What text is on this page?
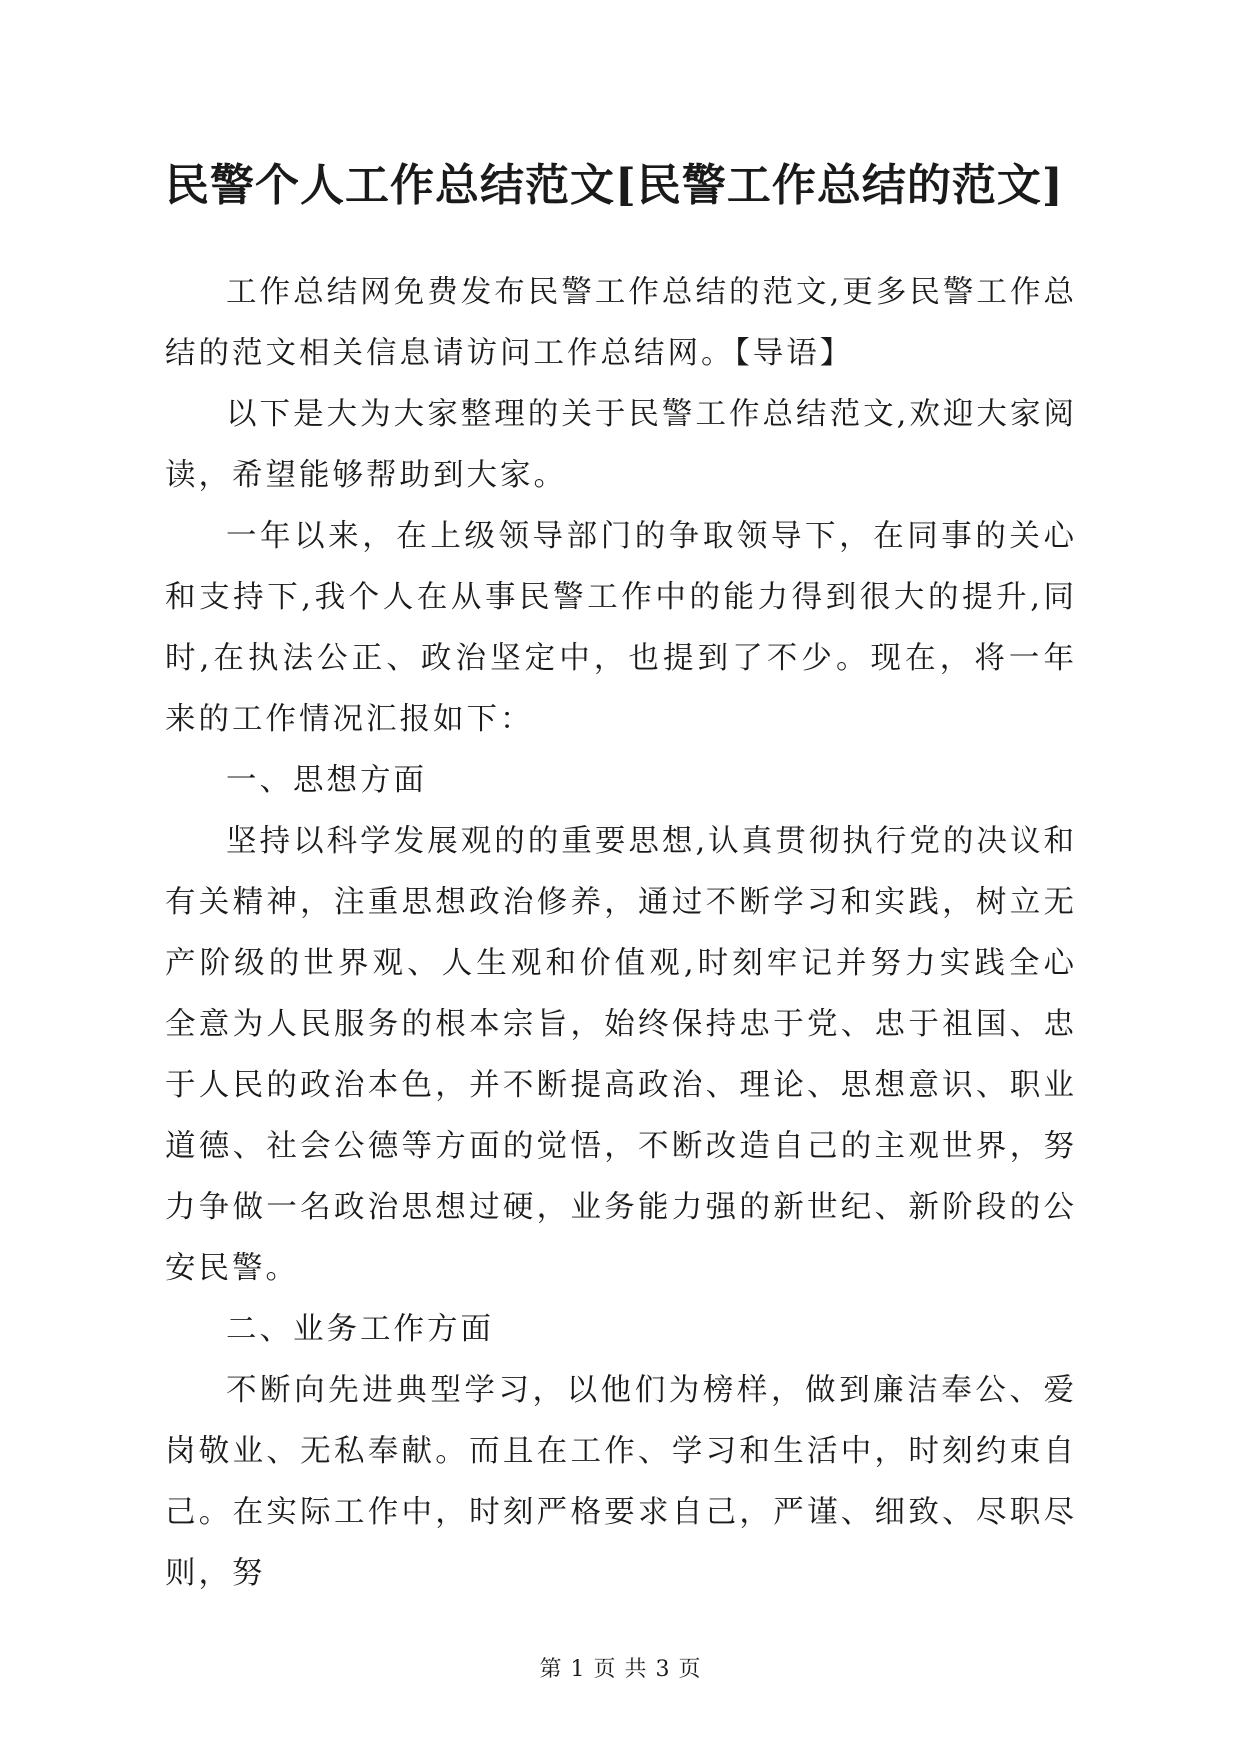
民警个人工作总结范文[民警工作总结的范文]

工作总结网免费发布民警工作总结的范文,更多民警工作总结的范文相关信息请访问工作总结网。【导语】

以下是大为大家整理的关于民警工作总结范文,欢迎大家阅读，希望能够帮助到大家。

一年以来，在上级领导部门的争取领导下，在同事的关心和支持下,我个人在从事民警工作中的能力得到很大的提升,同时,在执法公正、政治坚定中，也提到了不少。现在，将一年来的工作情况汇报如下：

一、思想方面

坚持以科学发展观的的重要思想,认真贯彻执行党的决议和有关精神，注重思想政治修养，通过不断学习和实践，树立无产阶级的世界观、人生观和价值观,时刻牢记并努力实践全心全意为人民服务的根本宗旨，始终保持忠于党、忠于祖国、忠于人民的政治本色，并不断提高政治、理论、思想意识、职业道德、社会公德等方面的觉悟，不断改造自己的主观世界，努力争做一名政治思想过硬，业务能力强的新世纪、新阶段的公安民警。

二、业务工作方面

不断向先进典型学习，以他们为榜样，做到廉洁奉公、爱岗敬业、无私奉献。而且在工作、学习和生活中，时刻约束自己。在实际工作中，时刻严格要求自己，严谨、细致、尽职尽则，努

第 1 页 共 3 页
